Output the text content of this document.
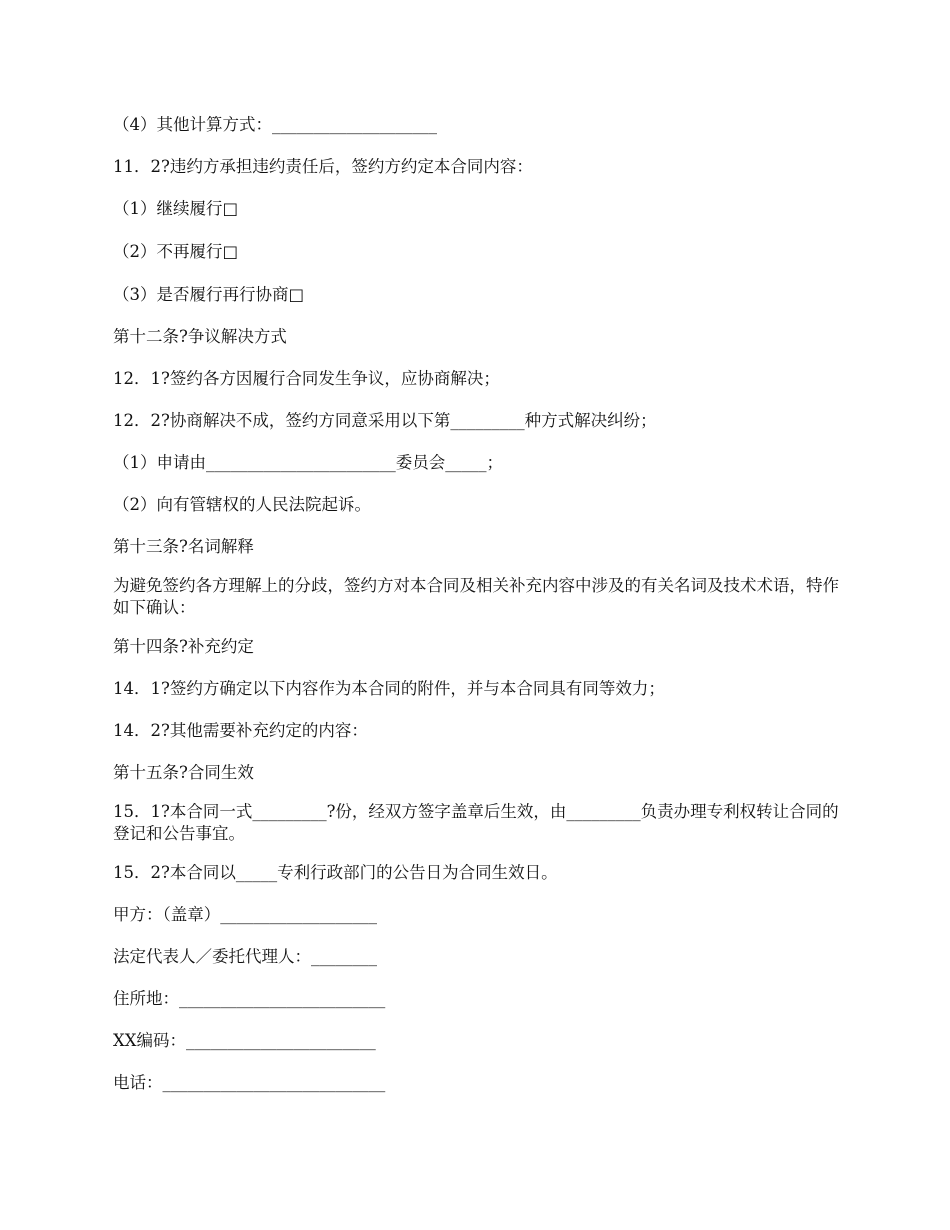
（4）其他计算方式：____________________
11．2?违约方承担违约责任后，签约方约定本合同内容：
（1）继续履行□
（2）不再履行□
（3）是否履行再行协商□
第十二条?争议解决方式
12．1?签约各方因履行合同发生争议，应协商解决；
12．2?协商解决不成，签约方同意采用以下第_________种方式解决纠纷；
（1）申请由_______________________委员会_____；
（2）向有管辖权的人民法院起诉。
第十三条?名词解释
为避免签约各方理解上的分歧，签约方对本合同及相关补充内容中涉及的有关名词及技术术语，特作如下确认：
第十四条?补充约定
14．1?签约方确定以下内容作为本合同的附件，并与本合同具有同等效力；
14．2?其他需要补充约定的内容：
第十五条?合同生效
15．1?本合同一式_________?份，经双方签字盖章后生效，由_________负责办理专利权转让合同的登记和公告事宜。
15．2?本合同以_____专利行政部门的公告日为合同生效日。
甲方：（盖章）___________________
法定代表人／委托代理人：________
住所地：_________________________
XX编码：_______________________
电话：___________________________
